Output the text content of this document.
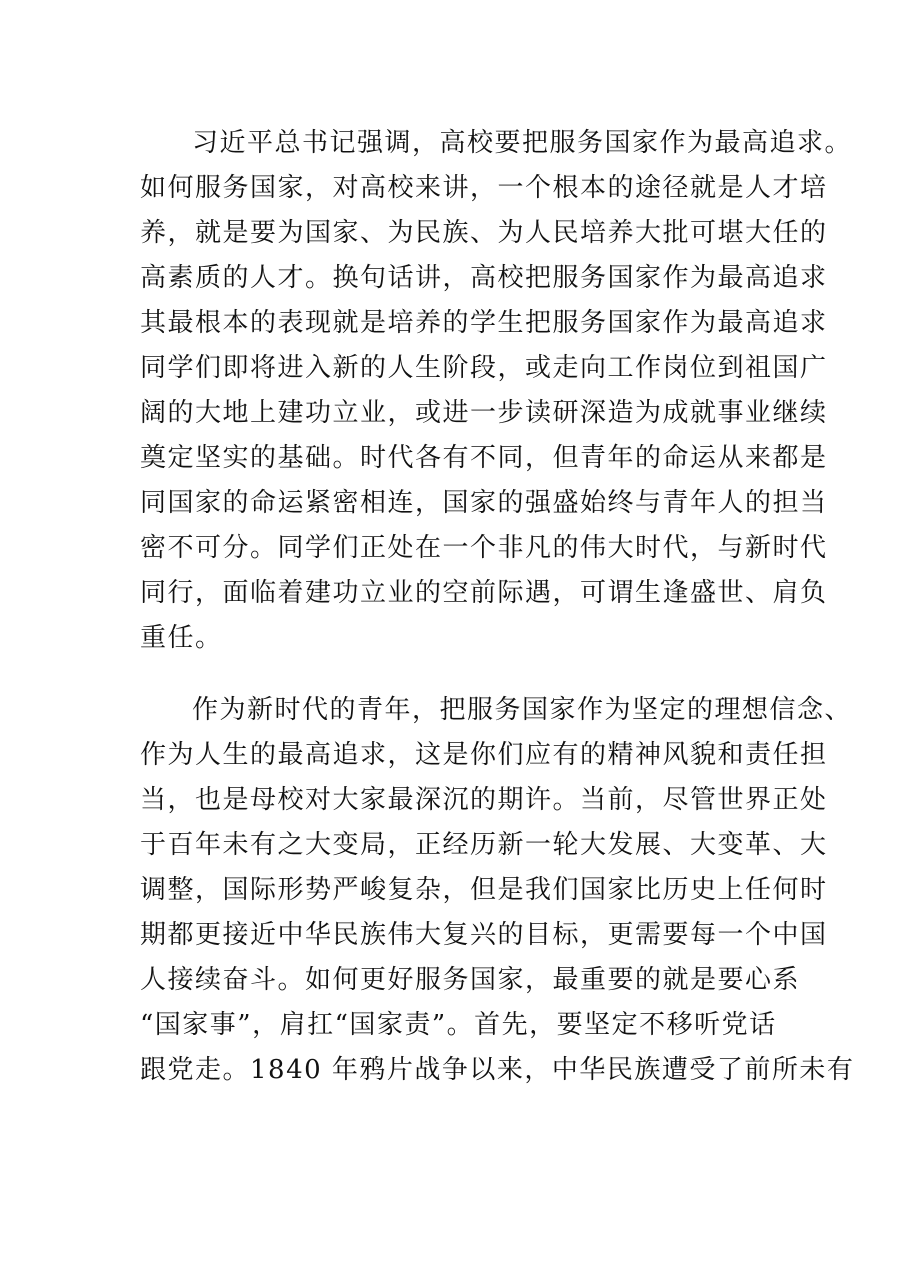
习近平总书记强调，高校要把服务国家作为最高追求。
如何服务国家，对高校来讲，一个根本的途径就是人才培
养，就是要为国家、为民族、为人民培养大批可堪大任的
高素质的人才。换句话讲，高校把服务国家作为最高追求
其最根本的表现就是培养的学生把服务国家作为最高追求
同学们即将进入新的人生阶段，或走向工作岗位到祖国广
阔的大地上建功立业，或进一步读研深造为成就事业继续
奠定坚实的基础。时代各有不同，但青年的命运从来都是
同国家的命运紧密相连，国家的强盛始终与青年人的担当
密不可分。同学们正处在一个非凡的伟大时代，与新时代
同行，面临着建功立业的空前际遇，可谓生逢盛世、肩负
重任。
作为新时代的青年，把服务国家作为坚定的理想信念、
作为人生的最高追求，这是你们应有的精神风貌和责任担
当，也是母校对大家最深沉的期许。当前，尽管世界正处
于百年未有之大变局，正经历新一轮大发展、大变革、大
调整，国际形势严峻复杂，但是我们国家比历史上任何时
期都更接近中华民族伟大复兴的目标，更需要每一个中国
人接续奋斗。如何更好服务国家，最重要的就是要心系
“国家事”，肩扛“国家责”。首先，要坚定不移听党话
跟党走。1840 年鸦片战争以来，中华民族遭受了前所未有
